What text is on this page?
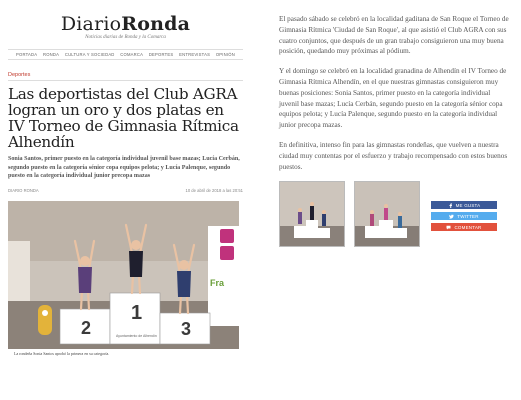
DiarioRonda
Noticias diarias de Ronda y la Comarca
PORTADA RONDA CULTURA Y SOCIEDAD COMARCA DEPORTES ENTREVISTAS OPINIÓN
Deportes
Las deportistas del Club AGRA logran un oro y dos platas en IV Torneo de Gimnasia Rítmica Alhendín
Sonia Santos, primer puesto en la categoría individual juvenil base mazas; Lucía Cerbán, segundo puesto en la categoría sénior copa equipos pelota; y Lucía Palenque, segundo puesto en la categoría individual junior precopa mazas
DIARIO RONDA	10 de abril de 2018 a las 20:51
Fra
2
1
3
Ayuntamiento de Alhendín
La rondeña Sonia Santos aprobó la primera en su categoría.

El pasado sábado se celebró en la localidad gaditana de San Roque el Torneo de Gimnasia Rítmica 'Ciudad de San Roque', al que asistió el Club AGRA con sus cuatro conjuntos, que después de un gran trabajo consiguieron una muy buena posición, quedando muy próximas al pódium.

Y el domingo se celebró en la localidad granadina de Alhendín el IV Torneo de Gimnasia Rítmica Alhendín, en el que nuestras gimnastas consiguieron muy buenas posiciones: Sonia Santos, primer puesto en la categoría individual juvenil base mazas; Lucía Cerbán, segundo puesto en la categoría sénior copa equipos pelota; y Lucía Palenque, segundo puesto en la categoría individual junior precopa mazas.

En definitiva, intenso fin para las gimnastas rondeñas, que vuelven a nuestra ciudad muy contentas por el esfuerzo y trabajo recompensado con estos buenos puestos.

ME GUSTA
TWITTER
COMENTAR
